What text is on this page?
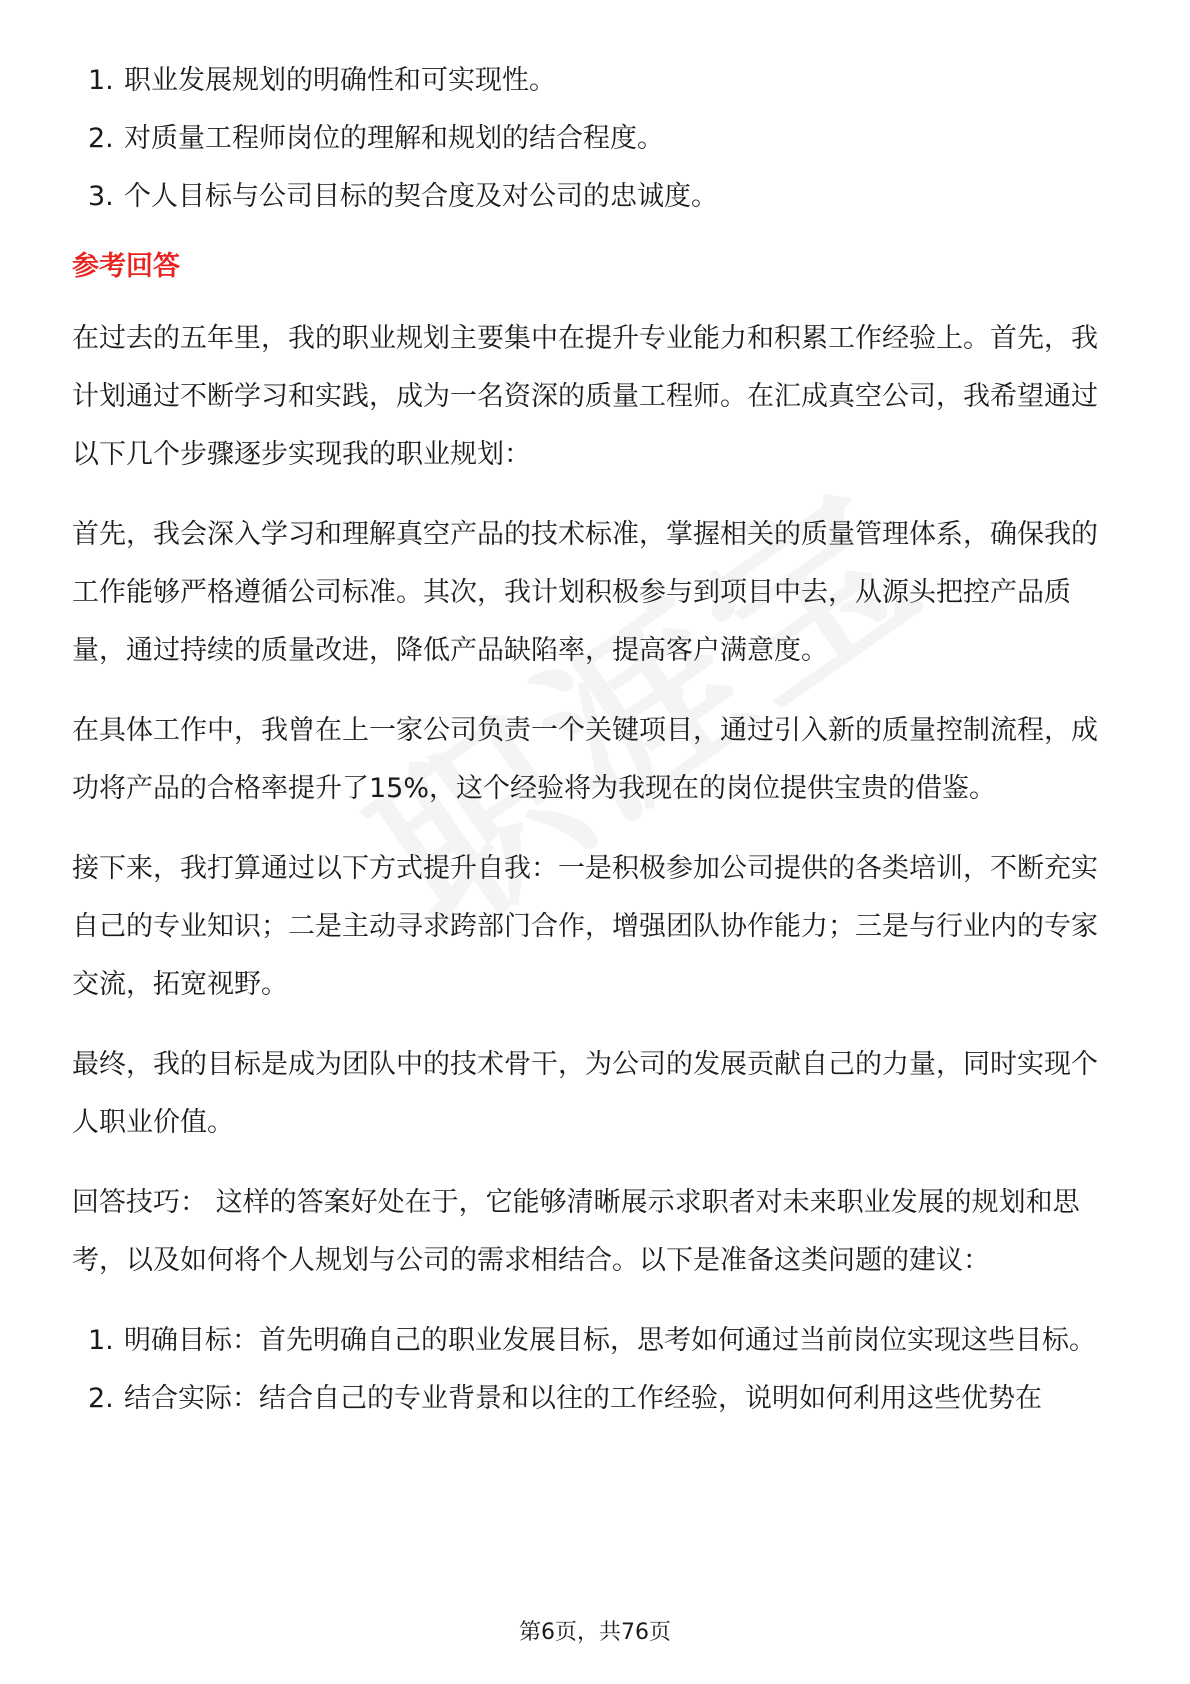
1. 职业发展规划的明确性和可实现性。
2. 对质量工程师岗位的理解和规划的结合程度。
3. 个人目标与公司目标的契合度及对公司的忠诚度。
参考回答

在过去的五年里，我的职业规划主要集中在提升专业能力和积累工作经验上。首先，我计划通过不断学习和实践，成为一名资深的质量工程师。在汇成真空公司，我希望通过以下几个步骤逐步实现我的职业规划：

首先，我会深入学习和理解真空产品的技术标准，掌握相关的质量管理体系，确保我的工作能够严格遵循公司标准。其次，我计划积极参与到项目中去，从源头把控产品质量，通过持续的质量改进，降低产品缺陷率，提高客户满意度。

在具体工作中，我曾在上一家公司负责一个关键项目，通过引入新的质量控制流程，成功将产品的合格率提升了15%，这个经验将为我现在的岗位提供宝贵的借鉴。

接下来，我打算通过以下方式提升自我：一是积极参加公司提供的各类培训，不断充实自己的专业知识；二是主动寻求跨部门合作，增强团队协作能力；三是与行业内的专家交流，拓宽视野。

最终，我的目标是成为团队中的技术骨干，为公司的发展贡献自己的力量，同时实现个人职业价值。

回答技巧： 这样的答案好处在于，它能够清晰展示求职者对未来职业发展的规划和思考，以及如何将个人规划与公司的需求相结合。以下是准备这类问题的建议：

1. 明确目标：首先明确自己的职业发展目标，思考如何通过当前岗位实现这些目标。
2. 结合实际：结合自己的专业背景和以往的工作经验，说明如何利用这些优势在
第6页，共76页
